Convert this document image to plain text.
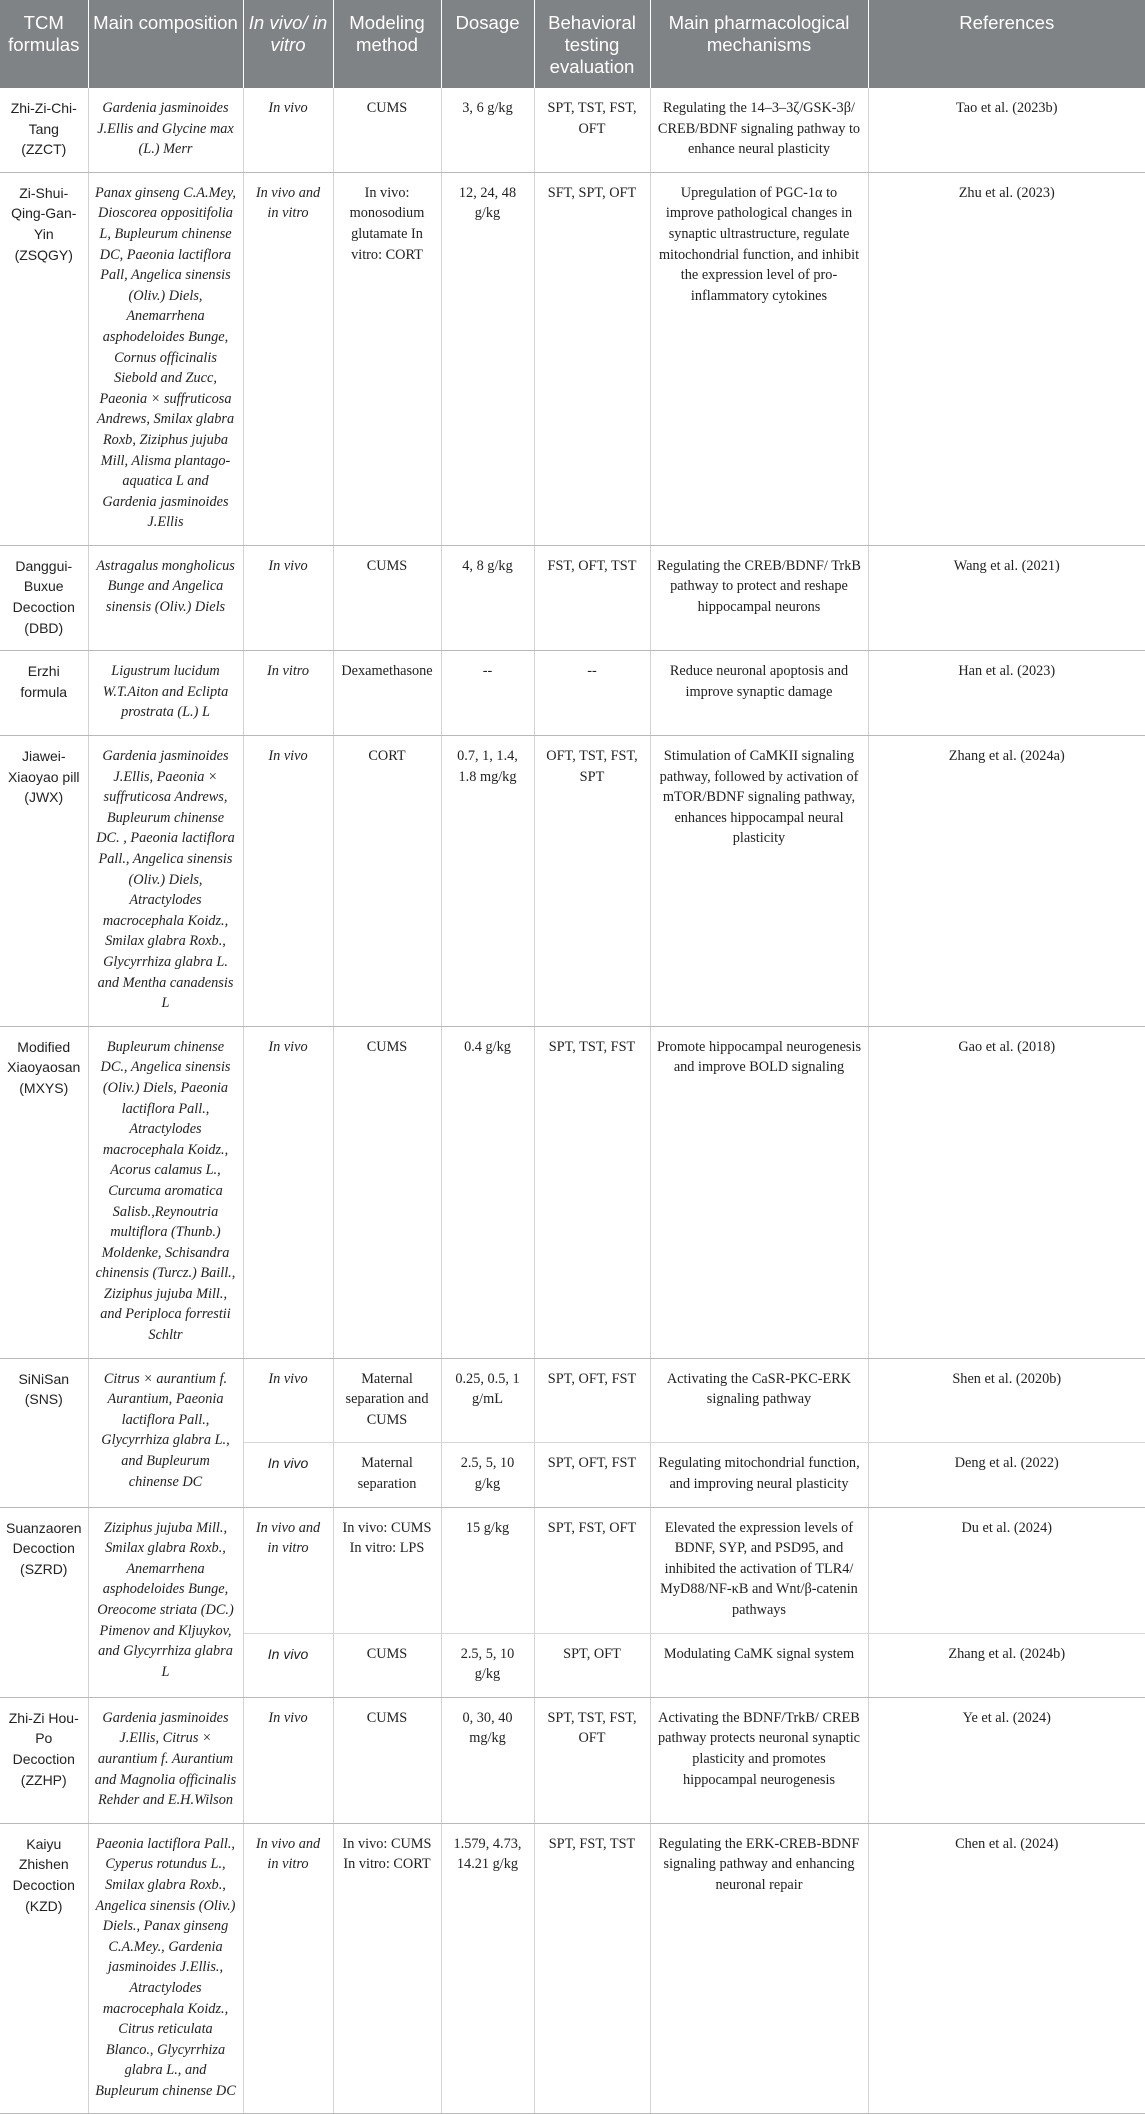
TCM formulas	Main composition	In vivo/ in vitro	Modeling method	Dosage	Behavioral testing evaluation	Main pharmacological mechanisms	References
Zhi-Zi-Chi-Tang (ZZCT)	Gardenia jasminoides J.Ellis and Glycine max (L.) Merr	In vivo	CUMS	3, 6 g/kg	SPT, TST, FST, OFT	Regulating the 14–3–3ζ/GSK-3β/ CREB/BDNF signaling pathway to enhance neural plasticity	Tao et al. (2023b)
Zi-Shui-Qing-Gan-Yin (ZSQGY)	Panax ginseng C.A.Mey, Dioscorea oppositifolia L, Bupleurum chinense DC, Paeonia lactiflora Pall, Angelica sinensis (Oliv.) Diels, Anemarrhena asphodeloides Bunge, Cornus officinalis Siebold and Zucc, Paeonia × suffruticosa Andrews, Smilax glabra Roxb, Ziziphus jujuba Mill, Alisma plantago-aquatica L and Gardenia jasminoides J.Ellis	In vivo and in vitro	In vivo: monosodium glutamate In vitro: CORT	12, 24, 48 g/kg	SFT, SPT, OFT	Upregulation of PGC-1α to improve pathological changes in synaptic ultrastructure, regulate mitochondrial function, and inhibit the expression level of pro-inflammatory cytokines	Zhu et al. (2023)
Danggui-Buxue Decoction (DBD)	Astragalus mongholicus Bunge and Angelica sinensis (Oliv.) Diels	In vivo	CUMS	4, 8 g/kg	FST, OFT, TST	Regulating the CREB/BDNF/ TrkB pathway to protect and reshape hippocampal neurons	Wang et al. (2021)
Erzhi formula	Ligustrum lucidum W.T.Aiton and Eclipta prostrata (L.) L	In vitro	Dexamethasone	--	--	Reduce neuronal apoptosis and improve synaptic damage	Han et al. (2023)
Jiawei-Xiaoyao pill (JWX)	Gardenia jasminoides J.Ellis, Paeonia × suffruticosa Andrews, Bupleurum chinense DC. , Paeonia lactiflora Pall., Angelica sinensis (Oliv.) Diels, Atractylodes macrocephala Koidz., Smilax glabra Roxb., Glycyrrhiza glabra L. and Mentha canadensis L	In vivo	CORT	0.7, 1, 1.4, 1.8 mg/kg	OFT, TST, FST, SPT	Stimulation of CaMKII signaling pathway, followed by activation of mTOR/BDNF signaling pathway, enhances hippocampal neural plasticity	Zhang et al. (2024a)
Modified Xiaoyaosan (MXYS)	Bupleurum chinense DC., Angelica sinensis (Oliv.) Diels, Paeonia lactiflora Pall., Atractylodes macrocephala Koidz., Acorus calamus L., Curcuma aromatica Salisb.,Reynoutria multiflora (Thunb.) Moldenke, Schisandra chinensis (Turcz.) Baill., Ziziphus jujuba Mill., and Periploca forrestii Schltr	In vivo	CUMS	0.4 g/kg	SPT, TST, FST	Promote hippocampal neurogenesis and improve BOLD signaling	Gao et al. (2018)
SiNiSan (SNS)	Citrus × aurantium f. Aurantium, Paeonia lactiflora Pall., Glycyrrhiza glabra L., and Bupleurum chinense DC	In vivo	Maternal separation and CUMS	0.25, 0.5, 1 g/mL	SPT, OFT, FST	Activating the CaSR-PKC-ERK signaling pathway	Shen et al. (2020b)
		In vivo	Maternal separation	2.5, 5, 10 g/kg	SPT, OFT, FST	Regulating mitochondrial function, and improving neural plasticity	Deng et al. (2022)
Suanzaoren Decoction (SZRD)	Ziziphus jujuba Mill., Smilax glabra Roxb., Anemarrhena asphodeloides Bunge, Oreocome striata (DC.) Pimenov and Kljuykov, and Glycyrrhiza glabra L	In vivo and in vitro	In vivo: CUMS In vitro: LPS	15 g/kg	SPT, FST, OFT	Elevated the expression levels of BDNF, SYP, and PSD95, and inhibited the activation of TLR4/ MyD88/NF-κB and Wnt/β-catenin pathways	Du et al. (2024)
		In vivo	CUMS	2.5, 5, 10 g/kg	SPT, OFT	Modulating CaMK signal system	Zhang et al. (2024b)
Zhi-Zi Hou-Po Decoction (ZZHP)	Gardenia jasminoides J.Ellis, Citrus × aurantium f. Aurantium and Magnolia officinalis Rehder and E.H.Wilson	In vivo	CUMS	0, 30, 40 mg/kg	SPT, TST, FST, OFT	Activating the BDNF/TrkB/ CREB pathway protects neuronal synaptic plasticity and promotes hippocampal neurogenesis	Ye et al. (2024)
Kaiyu Zhishen Decoction (KZD)	Paeonia lactiflora Pall., Cyperus rotundus L., Smilax glabra Roxb., Angelica sinensis (Oliv.) Diels., Panax ginseng C.A.Mey., Gardenia jasminoides J.Ellis., Atractylodes macrocephala Koidz., Citrus reticulata Blanco., Glycyrrhiza glabra L., and Bupleurum chinense DC	In vivo and in vitro	In vivo: CUMS In vitro: CORT	1.579, 4.73, 14.21 g/kg	SPT, FST, TST	Regulating the ERK-CREB-BDNF signaling pathway and enhancing neuronal repair	Chen et al. (2024)
